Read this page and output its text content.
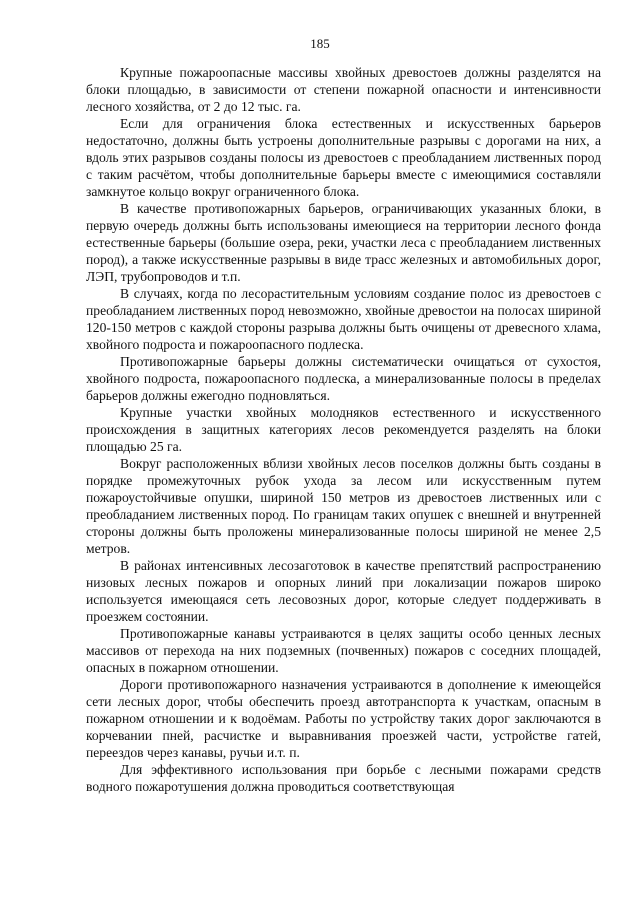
185

Крупные пожароопасные массивы хвойных древостоев должны разделятся на блоки площадью, в зависимости от степени пожарной опасности и интенсивности лесного хозяйства, от 2 до 12 тыс. га.

Если для ограничения блока естественных и искусственных барьеров недостаточно, должны быть устроены дополнительные разрывы с дорогами на них, а вдоль этих разрывов созданы полосы из древостоев с преобладанием лиственных пород с таким расчётом, чтобы дополнительные барьеры вместе с имеющимися составляли замкнутое кольцо вокруг ограниченного блока.

В качестве противопожарных барьеров, ограничивающих указанных блоки, в первую очередь должны быть использованы имеющиеся на территории лесного фонда естественные барьеры (большие озера, реки, участки леса с преобладанием лиственных пород), а также искусственные разрывы в виде трасс железных и автомобильных дорог, ЛЭП, трубопроводов и т.п.

В случаях, когда по лесорастительным условиям создание полос из древостоев с преобладанием лиственных пород невозможно, хвойные древостои на полосах шириной 120-150 метров с каждой стороны разрыва должны быть очищены от древесного хлама, хвойного подроста и пожароопасного подлеска.

Противопожарные барьеры должны систематически очищаться от сухостоя, хвойного подроста, пожароопасного подлеска, а минерализованные полосы в пределах барьеров должны ежегодно подновляться.

Крупные участки хвойных молодняков естественного и искусственного происхождения в защитных категориях лесов рекомендуется разделять на блоки площадью 25 га.

Вокруг расположенных вблизи хвойных лесов поселков должны быть созданы в порядке промежуточных рубок ухода за лесом или искусственным путем пожароустойчивые опушки, шириной 150 метров из древостоев лиственных или с преобладанием лиственных пород. По границам таких опушек с внешней и внутренней стороны должны быть проложены минерализованные полосы шириной не менее 2,5 метров.

В районах интенсивных лесозаготовок в качестве препятствий распространению низовых лесных пожаров и опорных линий при локализации пожаров широко используется имеющаяся сеть лесовозных дорог, которые следует поддерживать в проезжем состоянии.

Противопожарные канавы устраиваются в целях защиты особо ценных лесных массивов от перехода на них подземных (почвенных) пожаров с соседних площадей, опасных в пожарном отношении.

Дороги противопожарного назначения устраиваются в дополнение к имеющейся сети лесных дорог, чтобы обеспечить проезд автотранспорта к участкам, опасным в пожарном отношении и к водоёмам. Работы по устройству таких дорог заключаются в корчевании пней, расчистке и выравнивания проезжей части, устройстве гатей, переездов через канавы, ручьи и.т. п.

Для эффективного использования при борьбе с лесными пожарами средств водного пожаротушения должна проводиться соответствующая
